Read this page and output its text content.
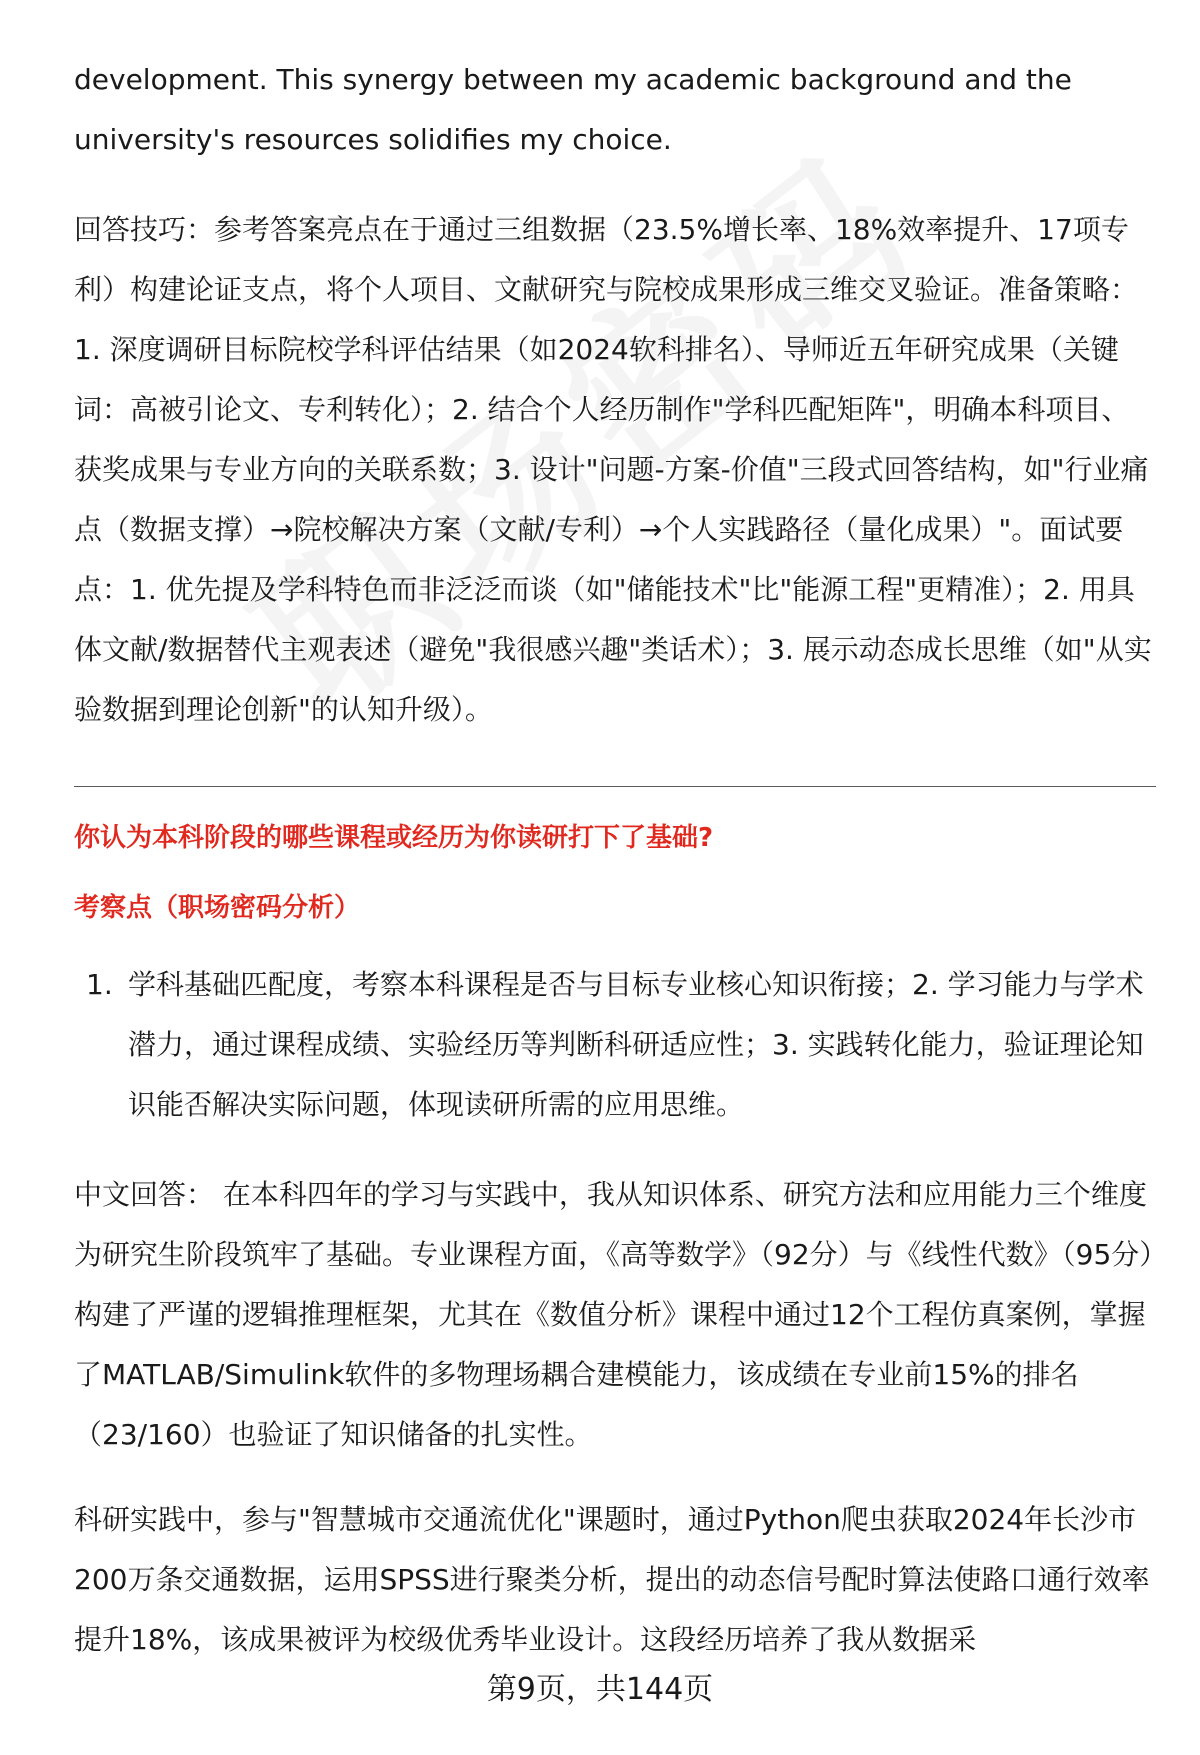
development. This synergy between my academic background and the university's resources solidifies my choice.

回答技巧：参考答案亮点在于通过三组数据（23.5%增长率、18%效率提升、17项专利）构建论证支点，将个人项目、文献研究与院校成果形成三维交叉验证。准备策略：1. 深度调研目标院校学科评估结果（如2024软科排名）、导师近五年研究成果（关键词：高被引论文、专利转化）；2. 结合个人经历制作"学科匹配矩阵"，明确本科项目、获奖成果与专业方向的关联系数；3. 设计"问题-方案-价值"三段式回答结构，如"行业痛点（数据支撑）→院校解决方案（文献/专利）→个人实践路径（量化成果）"。面试要点：1. 优先提及学科特色而非泛泛而谈（如"储能技术"比"能源工程"更精准）；2. 用具体文献/数据替代主观表述（避免"我很感兴趣"类话术）；3. 展示动态成长思维（如"从实验数据到理论创新"的认知升级）。

你认为本科阶段的哪些课程或经历为你读研打下了基础?
考察点（职场密码分析）
1. 学科基础匹配度，考察本科课程是否与目标专业核心知识衔接；2. 学习能力与学术潜力，通过课程成绩、实验经历等判断科研适应性；3. 实践转化能力，验证理论知识能否解决实际问题，体现读研所需的应用思维。

中文回答： 在本科四年的学习与实践中，我从知识体系、研究方法和应用能力三个维度为研究生阶段筑牢了基础。专业课程方面，《高等数学》（92分）与《线性代数》（95分）构建了严谨的逻辑推理框架，尤其在《数值分析》课程中通过12个工程仿真案例，掌握了MATLAB/Simulink软件的多物理场耦合建模能力，该成绩在专业前15%的排名（23/160）也验证了知识储备的扎实性。

科研实践中，参与"智慧城市交通流优化"课题时，通过Python爬虫获取2024年长沙市200万条交通数据，运用SPSS进行聚类分析，提出的动态信号配时算法使路口通行效率提升18%，该成果被评为校级优秀毕业设计。这段经历培养了我从数据采

第9页，共144页
